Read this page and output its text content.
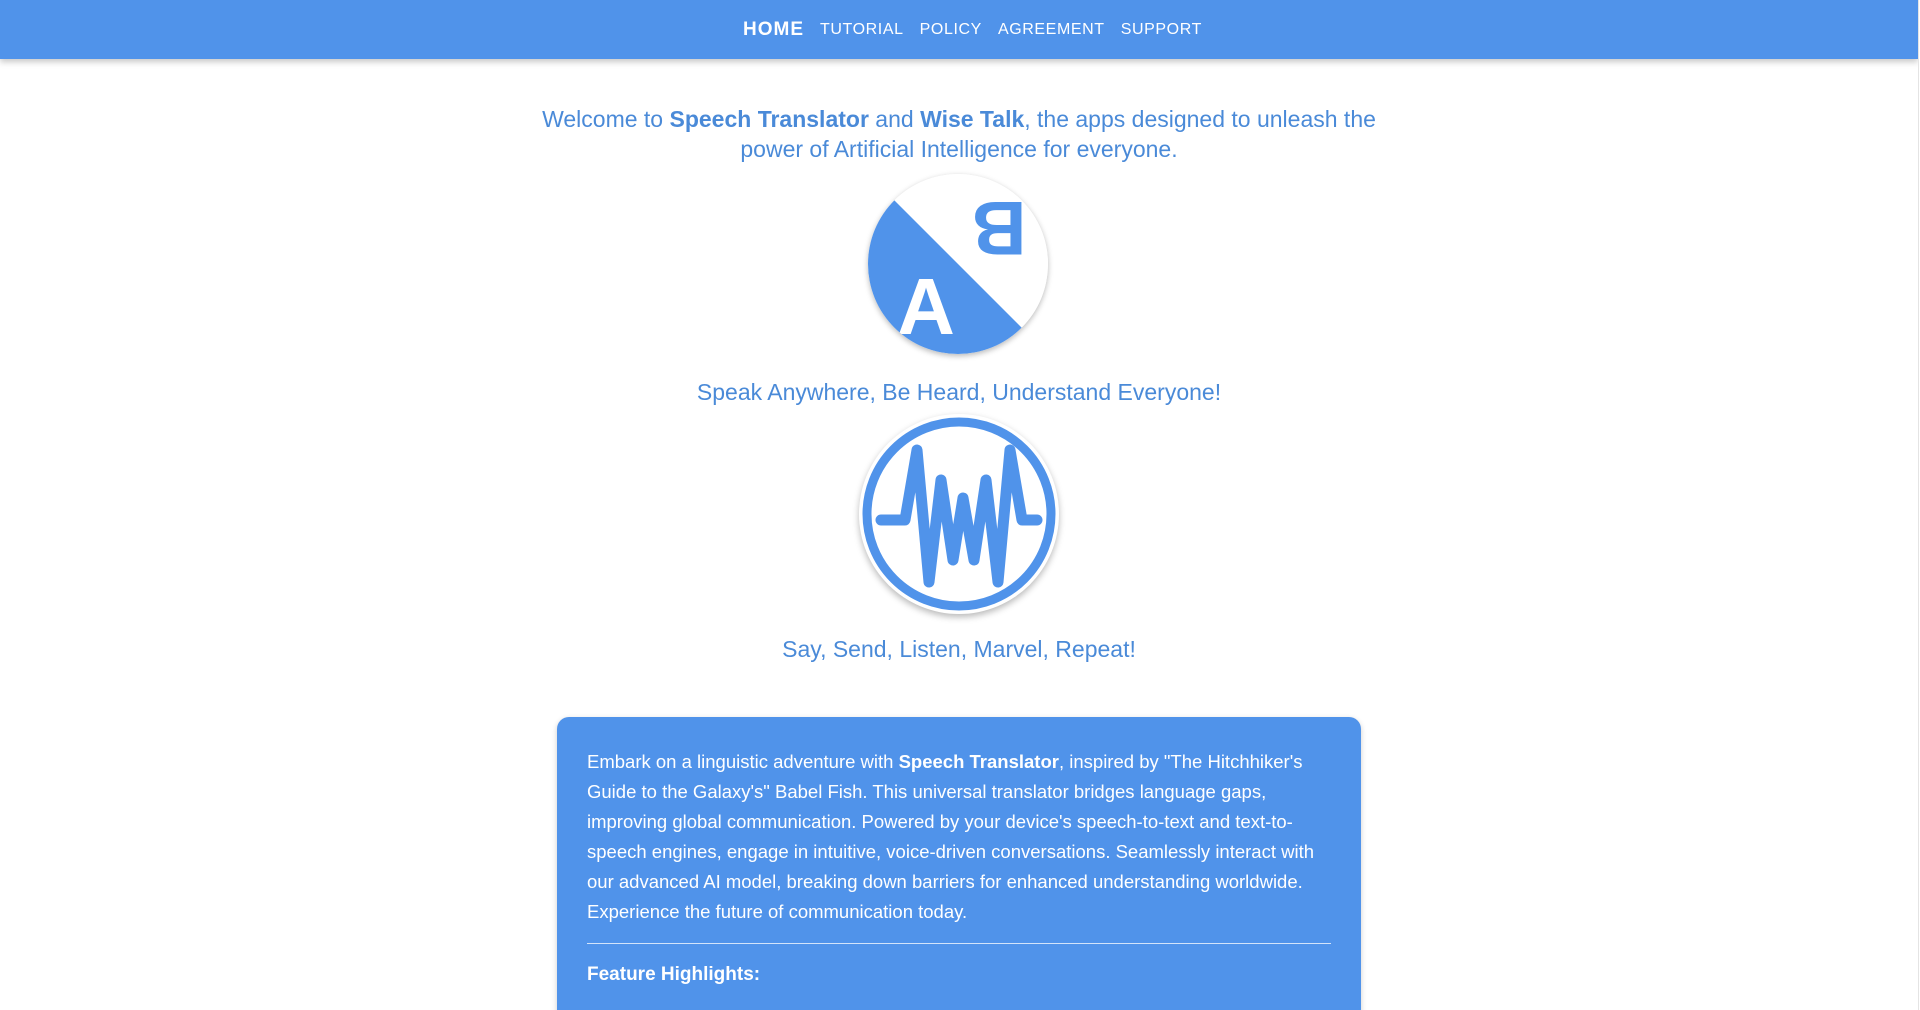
HOME TUTORIAL POLICY AGREEMENT SUPPORT
Welcome to Speech Translator and Wise Talk, the apps designed to unleash the power of Artificial Intelligence for everyone.
A
B
Speak Anywhere, Be Heard, Understand Everyone!
Say, Send, Listen, Marvel, Repeat!

Embark on a linguistic adventure with Speech Translator, inspired by "The Hitchhiker's Guide to the Galaxy's" Babel Fish. This universal translator bridges language gaps, improving global communication. Powered by your device's speech-to-text and text-to-speech engines, engage in intuitive, voice-driven conversations. Seamlessly interact with our advanced AI model, breaking down barriers for enhanced understanding worldwide. Experience the future of communication today.

Feature Highlights:
